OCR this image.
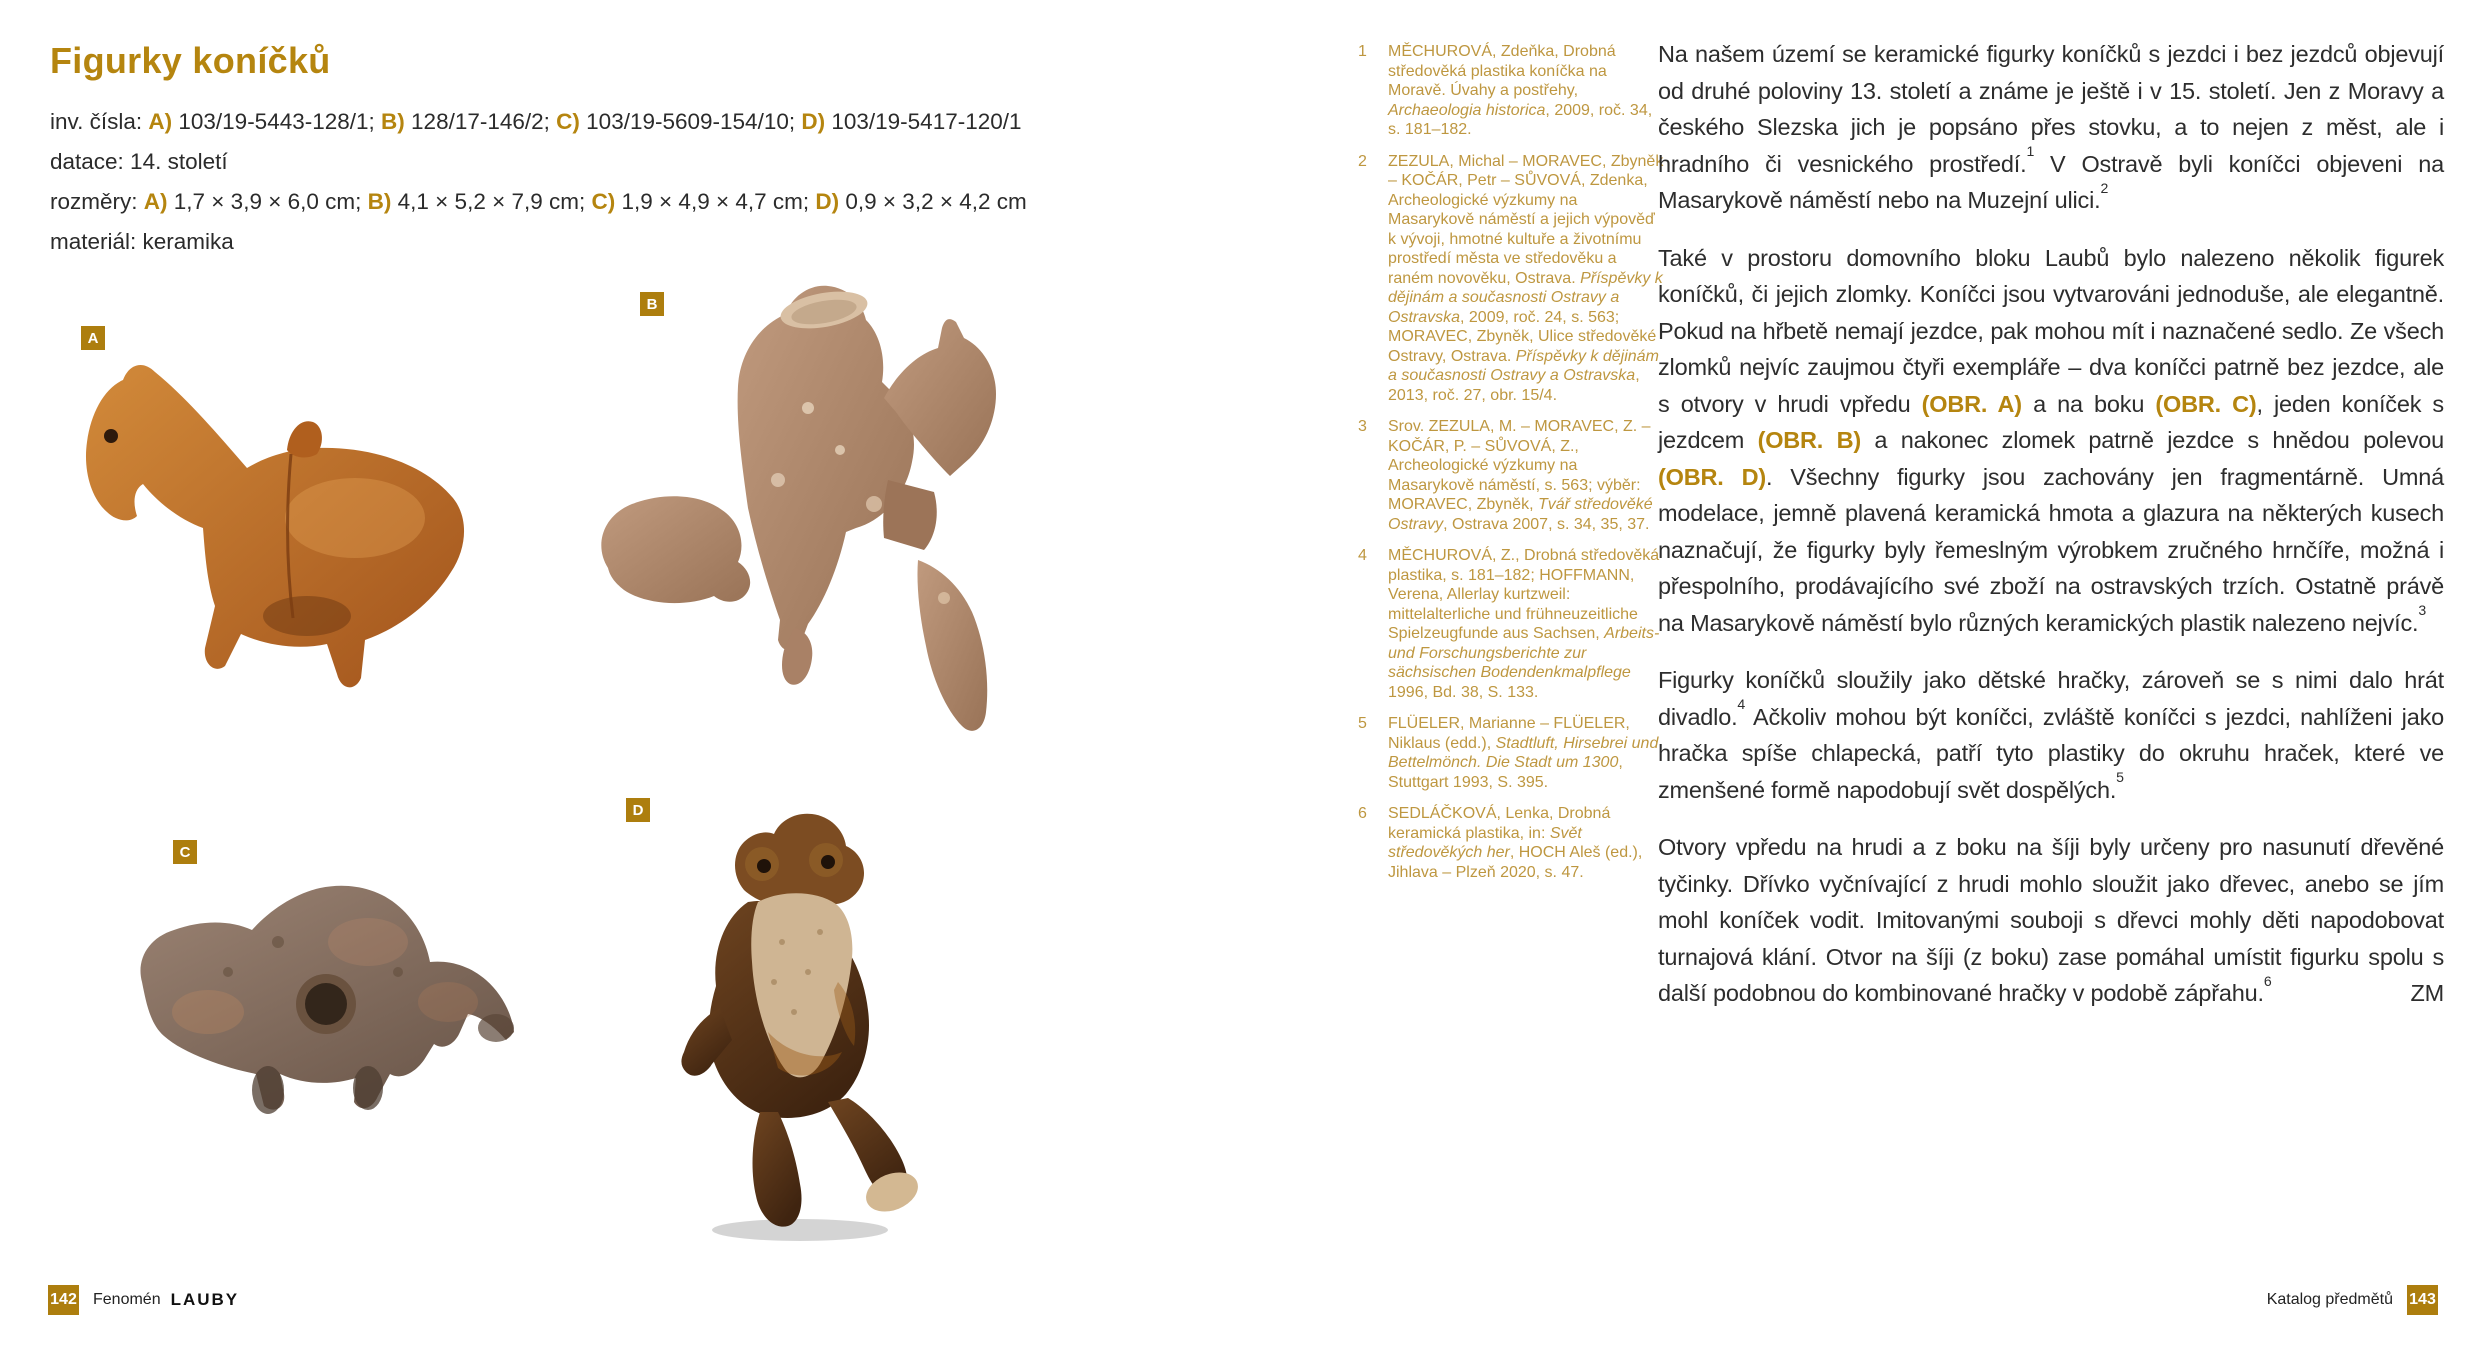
Figurky koníčků

inv. čísla: A) 103/19-5443-128/1; B) 128/17-146/2; C) 103/19-5609-154/10; D) 103/19-5417-120/1

datace: 14. století

rozměry: A) 1,7 × 3,9 × 6,0 cm; B) 4,1 × 5,2 × 7,9 cm; C) 1,9 × 4,9 × 4,7 cm; D) 0,9 × 3,2 × 4,2 cm

materiál: keramika

A
B
C
D
1	MĚCHUROVÁ, Zdeňka, Drobná středověká plastika koníčka na Moravě. Úvahy a postřehy, Archaeologia historica, 2009, roč. 34, s. 181–182.

2	ZEZULA, Michal – MORAVEC, Zbyněk – KOČÁR, Petr – SŮVOVÁ, Zdenka, Archeologické výzkumy na Masarykově náměstí a jejich výpověď k vývoji, hmotné kultuře a životnímu prostředí města ve středověku a raném novověku, Ostrava. Příspěvky k dějinám a současnosti Ostravy a Ostravska, 2009, roč. 24, s. 563; MORAVEC, Zbyněk, Ulice středověké Ostravy, Ostrava. Příspěvky k dějinám a současnosti Ostravy a Ostravska, 2013, roč. 27, obr. 15/4.

3	Srov. ZEZULA, M. – MORAVEC, Z. – KOČÁR, P. – SŮVOVÁ, Z., Archeologické výzkumy na Masarykově náměstí, s. 563; výběr: MORAVEC, Zbyněk, Tvář středověké Ostravy, Ostrava 2007, s. 34, 35, 37.

4	MĚCHUROVÁ, Z., Drobná středověká plastika, s. 181–182; HOFFMANN, Verena, Allerlay kurtzweil: mittelalterliche und frühneuzeitliche Spielzeugfunde aus Sachsen, Arbeits- und Forschungsberichte zur sächsischen Bodendenkmalpflege 1996, Bd. 38, S. 133.

5	FLÜELER, Marianne – FLÜELER, Niklaus (edd.), Stadtluft, Hirsebrei und Bettelmönch. Die Stadt um 1300, Stuttgart 1993, S. 395.

6	SEDLÁČKOVÁ, Lenka, Drobná keramická plastika, in: Svět středověkých her, HOCH Aleš (ed.), Jihlava – Plzeň 2020, s. 47.

Na našem území se keramické figurky koníčků s jezdci i bez jezdců objevují od druhé poloviny 13. století a známe je ještě i v 15. století. Jen z Moravy a českého Slezska jich je popsáno přes stovku, a to nejen z měst, ale i hradního či vesnického prostředí.$^1$ V Ostravě byli koníčci objeveni na Masarykově náměstí nebo na Muzejní ulici.$^2$

Také v prostoru domovního bloku Laubů bylo nalezeno několik figurek koníčků, či jejich zlomky. Koníčci jsou vytvarováni jednoduše, ale elegantně. Pokud na hřbetě nemají jezdce, pak mohou mít i naznačené sedlo. Ze všech zlomků nejvíc zaujmou čtyři exempláře – dva koníčci patrně bez jezdce, ale s otvory v hrudi vpředu (OBR. A) a na boku (OBR. C), jeden koníček s jezdcem (OBR. B) a nakonec zlomek patrně jezdce s hnědou polevou (OBR. D). Všechny figurky jsou zachovány jen fragmentárně. Umná modelace, jemně plavená keramická hmota a glazura na některých kusech naznačují, že figurky byly řemeslným výrobkem zručného hrnčíře, možná i přespolního, prodávajícího své zboží na ostravských trzích. Ostatně právě na Masarykově náměstí bylo různých keramických plastik nalezeno nejvíc.$^3$

Figurky koníčků sloužily jako dětské hračky, zároveň se s nimi dalo hrát divadlo.$^4$ Ačkoliv mohou být koníčci, zvláště koníčci s jezdci, nahlíženi jako hračka spíše chlapecká, patří tyto plastiky do okruhu hraček, které ve zmenšené formě napodobují svět dospělých.$^5$

Otvory vpředu na hrudi a z boku na šíji byly určeny pro nasunutí dřevěné tyčinky. Dřívko vyčnívající z hrudi mohlo sloužit jako dřevec, anebo se jím mohl koníček vodit. Imitovanými souboji s dřevci mohly děti napodobovat turnajová klání. Otvor na šíji (z boku) zase pomáhal umístit figurku spolu s další podobnou do kombinované hračky v podobě zápřahu.$^6$	ZM

142 Fenomén LAUBY	Katalog předmětů 143
